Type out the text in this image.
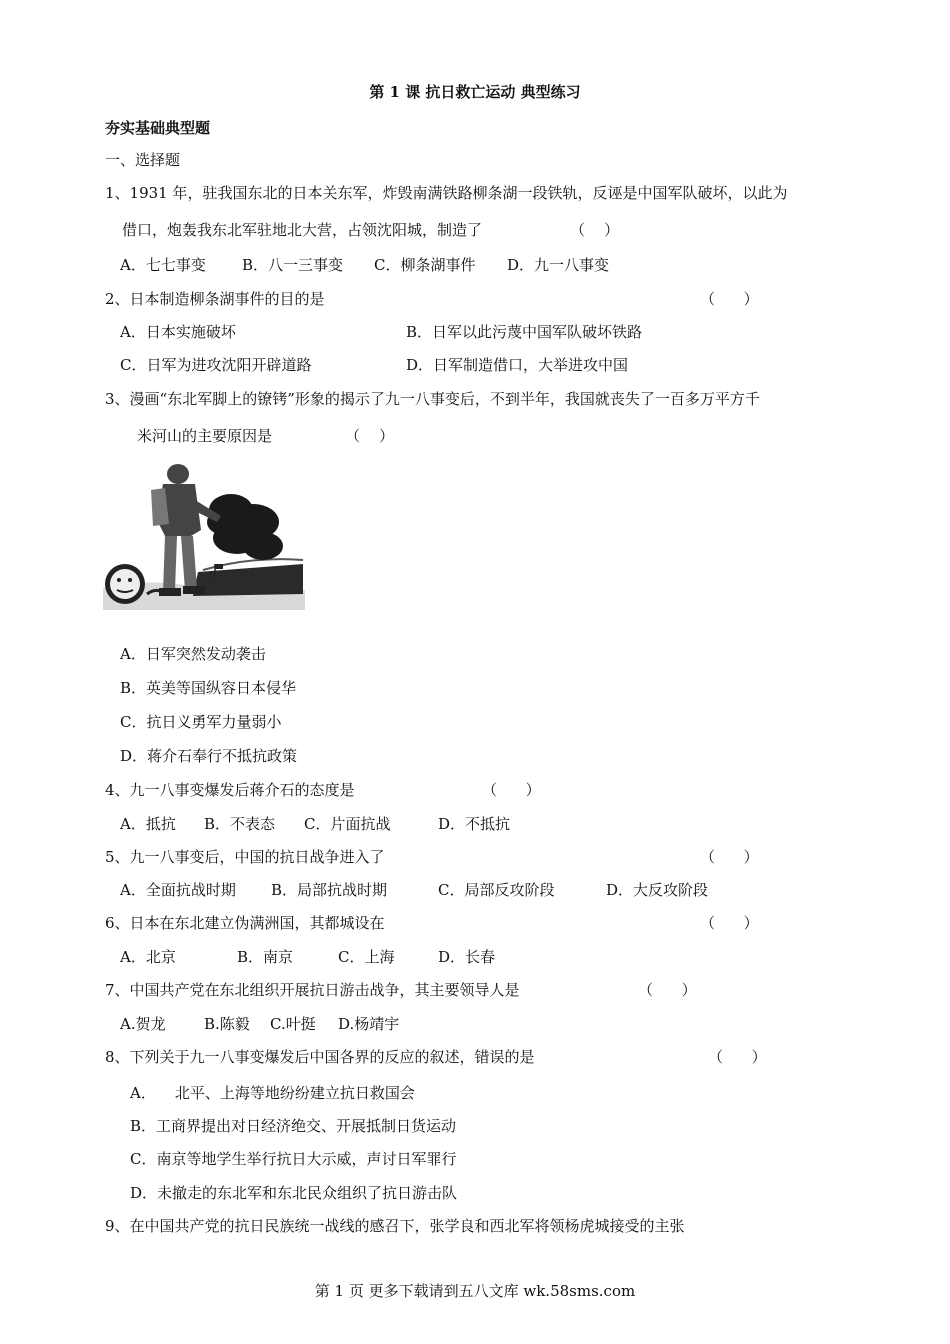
第 1 课 抗日救亡运动 典型练习
夯实基础典型题
一、选择题
1、1931 年，驻我国东北的日本关东军，炸毁南满铁路柳条湖一段铁轨，反诬是中国军队破坏，以此为
借口，炮轰我东北军驻地北大营，占领沈阳城，制造了	（    ）
A．七七事变 B．八一三事变 C．柳条湖事件 D．九一八事变
2、日本制造柳条湖事件的目的是	（      ）
A．日本实施破坏	B．日军以此污蔑中国军队破坏铁路
C．日军为进攻沈阳开辟道路	D．日军制造借口，大举进攻中国
3、漫画“东北军脚上的镣铐”形象的揭示了九一八事变后，不到半年，我国就丧失了一百多万平方千
米河山的主要原因是	（    ）
A．日军突然发动袭击
B．英美等国纵容日本侵华
C．抗日义勇军力量弱小
D．蒋介石奉行不抵抗政策
4、九一八事变爆发后蒋介石的态度是	（      ）
A．抵抗 B．不表态 C．片面抗战	D．不抵抗
5、九一八事变后，中国的抗日战争进入了	（      ）
A．全面抗战时期 B．局部抗战时期	C．局部反攻阶段	D．大反攻阶段
6、日本在东北建立伪满洲国，其都城设在	（      ）
A．北京	B．南京	C．上海	D．长春
7、中国共产党在东北组织开展抗日游击战争，其主要领导人是	（      ）
A.贺龙	B.陈毅 C.叶挺 D.杨靖宇
8、下列关于九一八事变爆发后中国各界的反应的叙述，错误的是	（      ）
A．    北平、上海等地纷纷建立抗日救国会
B．工商界提出对日经济绝交、开展抵制日货运动
C．南京等地学生举行抗日大示威，声讨日军罪行
D．未撤走的东北军和东北民众组织了抗日游击队
9、在中国共产党的抗日民族统一战线的感召下，张学良和西北军将领杨虎城接受的主张
第 1 页 更多下载请到五八文库 wk.58sms.com
